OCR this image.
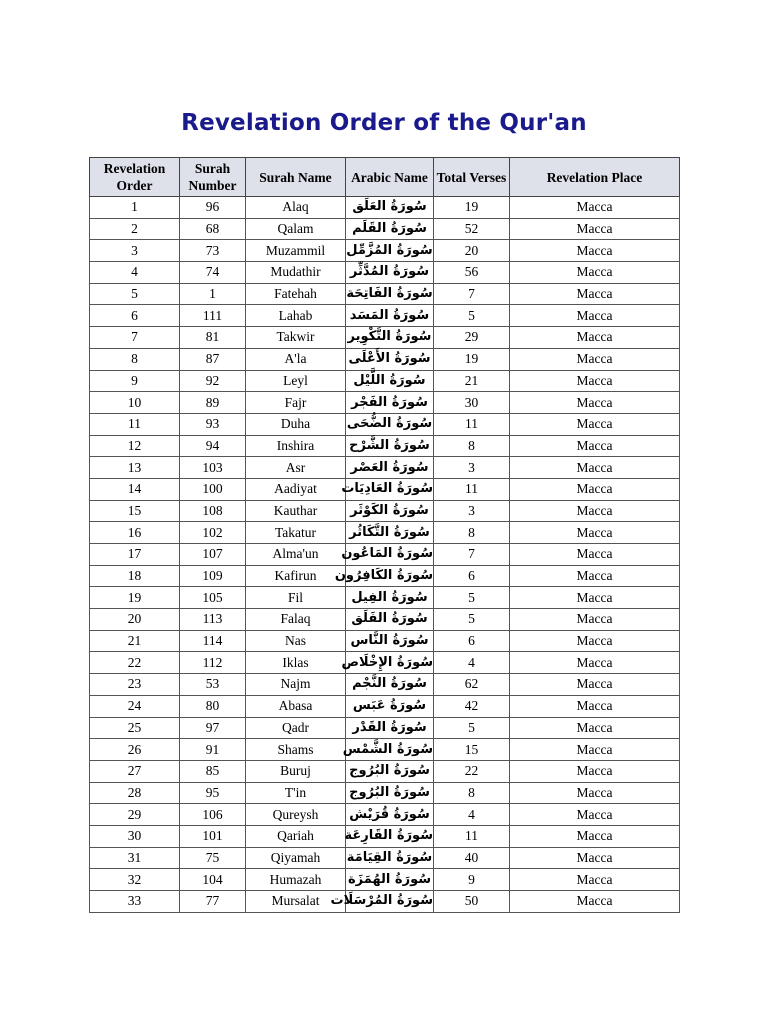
Revelation Order of the Qur'an
Revelation Order	Surah Number	Surah Name	Arabic Name	Total Verses	Revelation Place
1	96	Alaq	سُورَةُ العَلَق	19	Macca
2	68	Qalam	سُورَةُ القَلَم	52	Macca
3	73	Muzammil	سُورَةُ المُزَّمِّل	20	Macca
4	74	Mudathir	سُورَةُ المُدَّثِّر	56	Macca
5	1	Fatehah	سُورَةُ الفَاتِحَة	7	Macca
6	111	Lahab	سُورَةُ المَسَد	5	Macca
7	81	Takwir	سُورَةُ التَّكْوِير	29	Macca
8	87	A'la	سُورَةُ الأَعْلَى	19	Macca
9	92	Leyl	سُورَةُ اللَّيْل	21	Macca
10	89	Fajr	سُورَةُ الفَجْر	30	Macca
11	93	Duha	سُورَةُ الضُّحَى	11	Macca
12	94	Inshira	سُورَةُ الشَّرْح	8	Macca
13	103	Asr	سُورَةُ العَصْر	3	Macca
14	100	Aadiyat	سُورَةُ العَادِيَات	11	Macca
15	108	Kauthar	سُورَةُ الكَوْثَر	3	Macca
16	102	Takatur	سُورَةُ التَّكَاثُر	8	Macca
17	107	Alma'un	سُورَةُ المَاعُون	7	Macca
18	109	Kafirun	سُورَةُ الكَافِرُون	6	Macca
19	105	Fil	سُورَةُ الفِيل	5	Macca
20	113	Falaq	سُورَةُ الفَلَق	5	Macca
21	114	Nas	سُورَةُ النَّاس	6	Macca
22	112	Iklas	سُورَةُ الإِخْلَاص	4	Macca
23	53	Najm	سُورَةُ النَّجْم	62	Macca
24	80	Abasa	سُورَةُ عَبَس	42	Macca
25	97	Qadr	سُورَةُ القَدْر	5	Macca
26	91	Shams	سُورَةُ الشَّمْس	15	Macca
27	85	Buruj	سُورَةُ البُرُوج	22	Macca
28	95	T'in	سُورَةُ البُرُوج	8	Macca
29	106	Qureysh	سُورَةُ قُرَيْش	4	Macca
30	101	Qariah	سُورَةُ القَارِعَة	11	Macca
31	75	Qiyamah	سُورَةُ القِيَامَة	40	Macca
32	104	Humazah	سُورَةُ الهُمَزَة	9	Macca
33	77	Mursalat	سُورَةُ المُرْسَلَات	50	Macca
